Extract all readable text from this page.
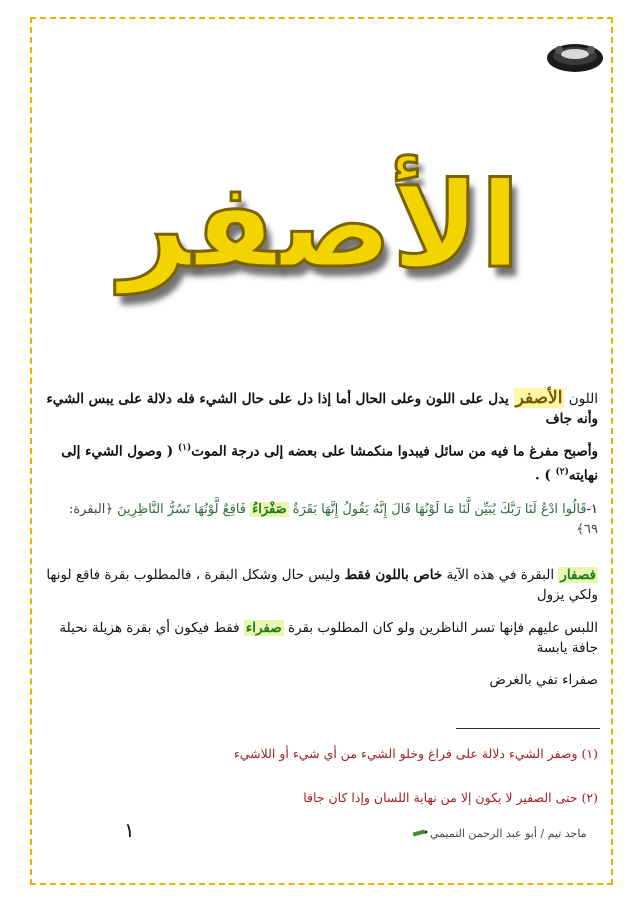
الأصفر
اللون الأصفر يدل على اللون وعلى الحال أما إذا دل على حال الشيء فله دلالة على يبس الشيء وأنه جاف
وأصبح مفرغ ما فيه من سائل فيبدوا منكمشا على بعضه إلى درجة الموت$^{(١)}$ ( وصول الشيء إلى نهايته$^{(٢)}$ ) .
١-قَالُوا ادْعُ لَنَا رَبَّكَ يُبَيِّن لَّنَا مَا لَوْنُهَا قَالَ إِنَّهُ يَقُولُ إِنَّهَا بَقَرَةٌ صَفْرَاءُ فَاقِعٌ لَّوْنُهَا تَسُرُّ النَّاظِرِينَ ﴿البقرة: ٦٩﴾
فصفار البقرة في هذه الآية خاص باللون فقط وليس حال وشكل البقرة ، فالمطلوب بقرة فاقع لونها ولكي يزول
اللبس عليهم فإنها تسر الناظرين ولو كان المطلوب بقرة صفراء فقط فيكون أي بقرة هزيلة نحيلة جافة يابسة
صفراء تفي بالغرض
(١) وصفر الشيء دلالة على فراغ وخلو الشيء من أي شيء أو اللاشيء
(٢) حتى الصفير لا يكون إلا من نهاية اللسان وإذا كان جافا
١	ماجد تيم / أبو عبد الرحمن التميمي
